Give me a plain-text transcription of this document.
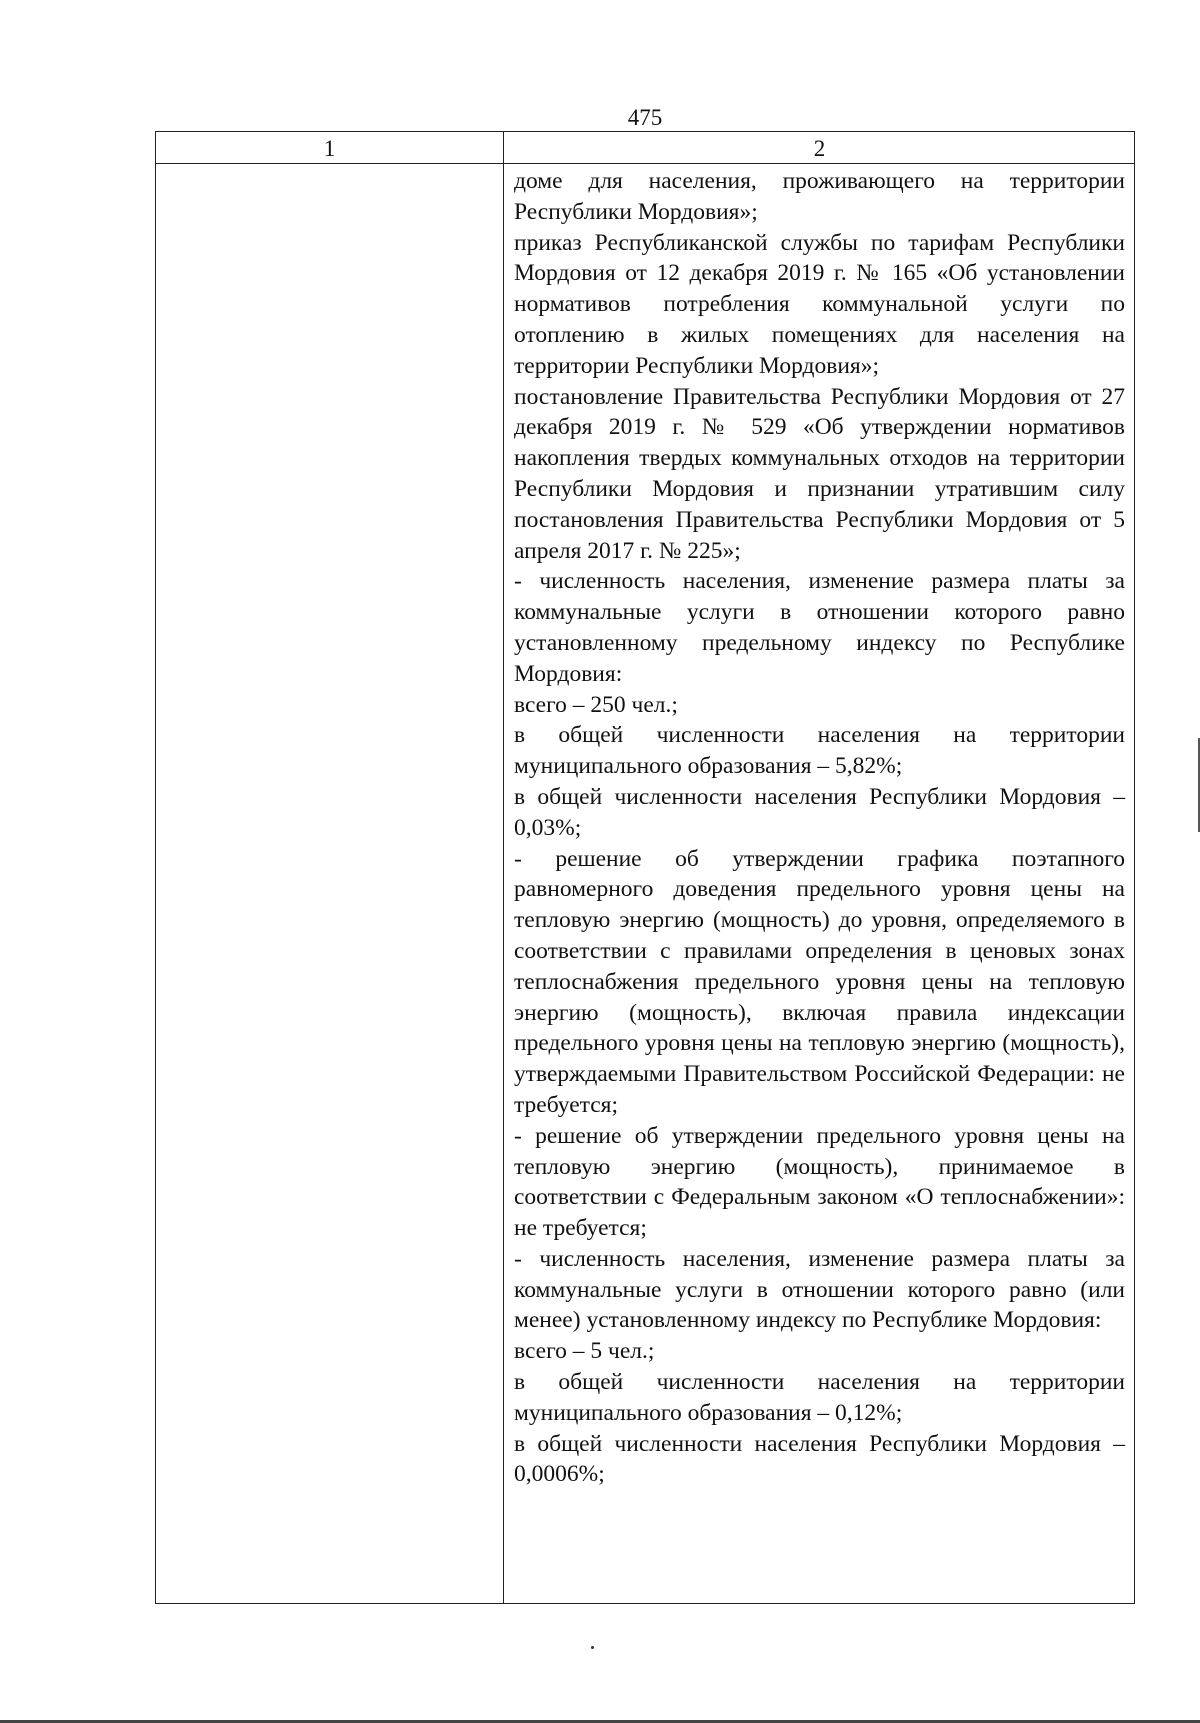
475
1	2

доме для населения, проживающего на территории Республики Мордовия»;

приказ Республиканской службы по тарифам Республики Мордовия от 12 декабря 2019 г. № 165 «Об установлении нормативов потребления коммунальной услуги по отоплению в жилых помещениях для населения на территории Республики Мордовия»;

постановление Правительства Республики Мордовия от 27 декабря 2019 г. № 529 «Об утверждении нормативов накопления твердых коммунальных отходов на территории Республики Мордовия и признании утратившим силу постановления Правительства Республики Мордовия от 5 апреля 2017 г. № 225»;

- численность населения, изменение размера платы за коммунальные услуги в отношении которого равно установленному предельному индексу по Республике Мордовия:

всего – 250 чел.;

в общей численности населения на территории муниципального образования – 5,82%;

в общей численности населения Республики Мордовия – 0,03%;

- решение об утверждении графика поэтапного равномерного доведения предельного уровня цены на тепловую энергию (мощность) до уровня, определяемого в соответствии с правилами определения в ценовых зонах теплоснабжения предельного уровня цены на тепловую энергию (мощность), включая правила индексации предельного уровня цены на тепловую энергию (мощность), утверждаемыми Правительством Российской Федерации: не требуется;

- решение об утверждении предельного уровня цены на тепловую энергию (мощность), принимаемое в соответствии с Федеральным законом «О теплоснабжении»: не требуется;

- численность населения, изменение размера платы за коммунальные услуги в отношении которого равно (или менее) установленному индексу по Республике Мордовия:

всего – 5 чел.;

в общей численности населения на территории муниципального образования – 0,12%;

в общей численности населения Республики Мордовия – 0,0006%;
